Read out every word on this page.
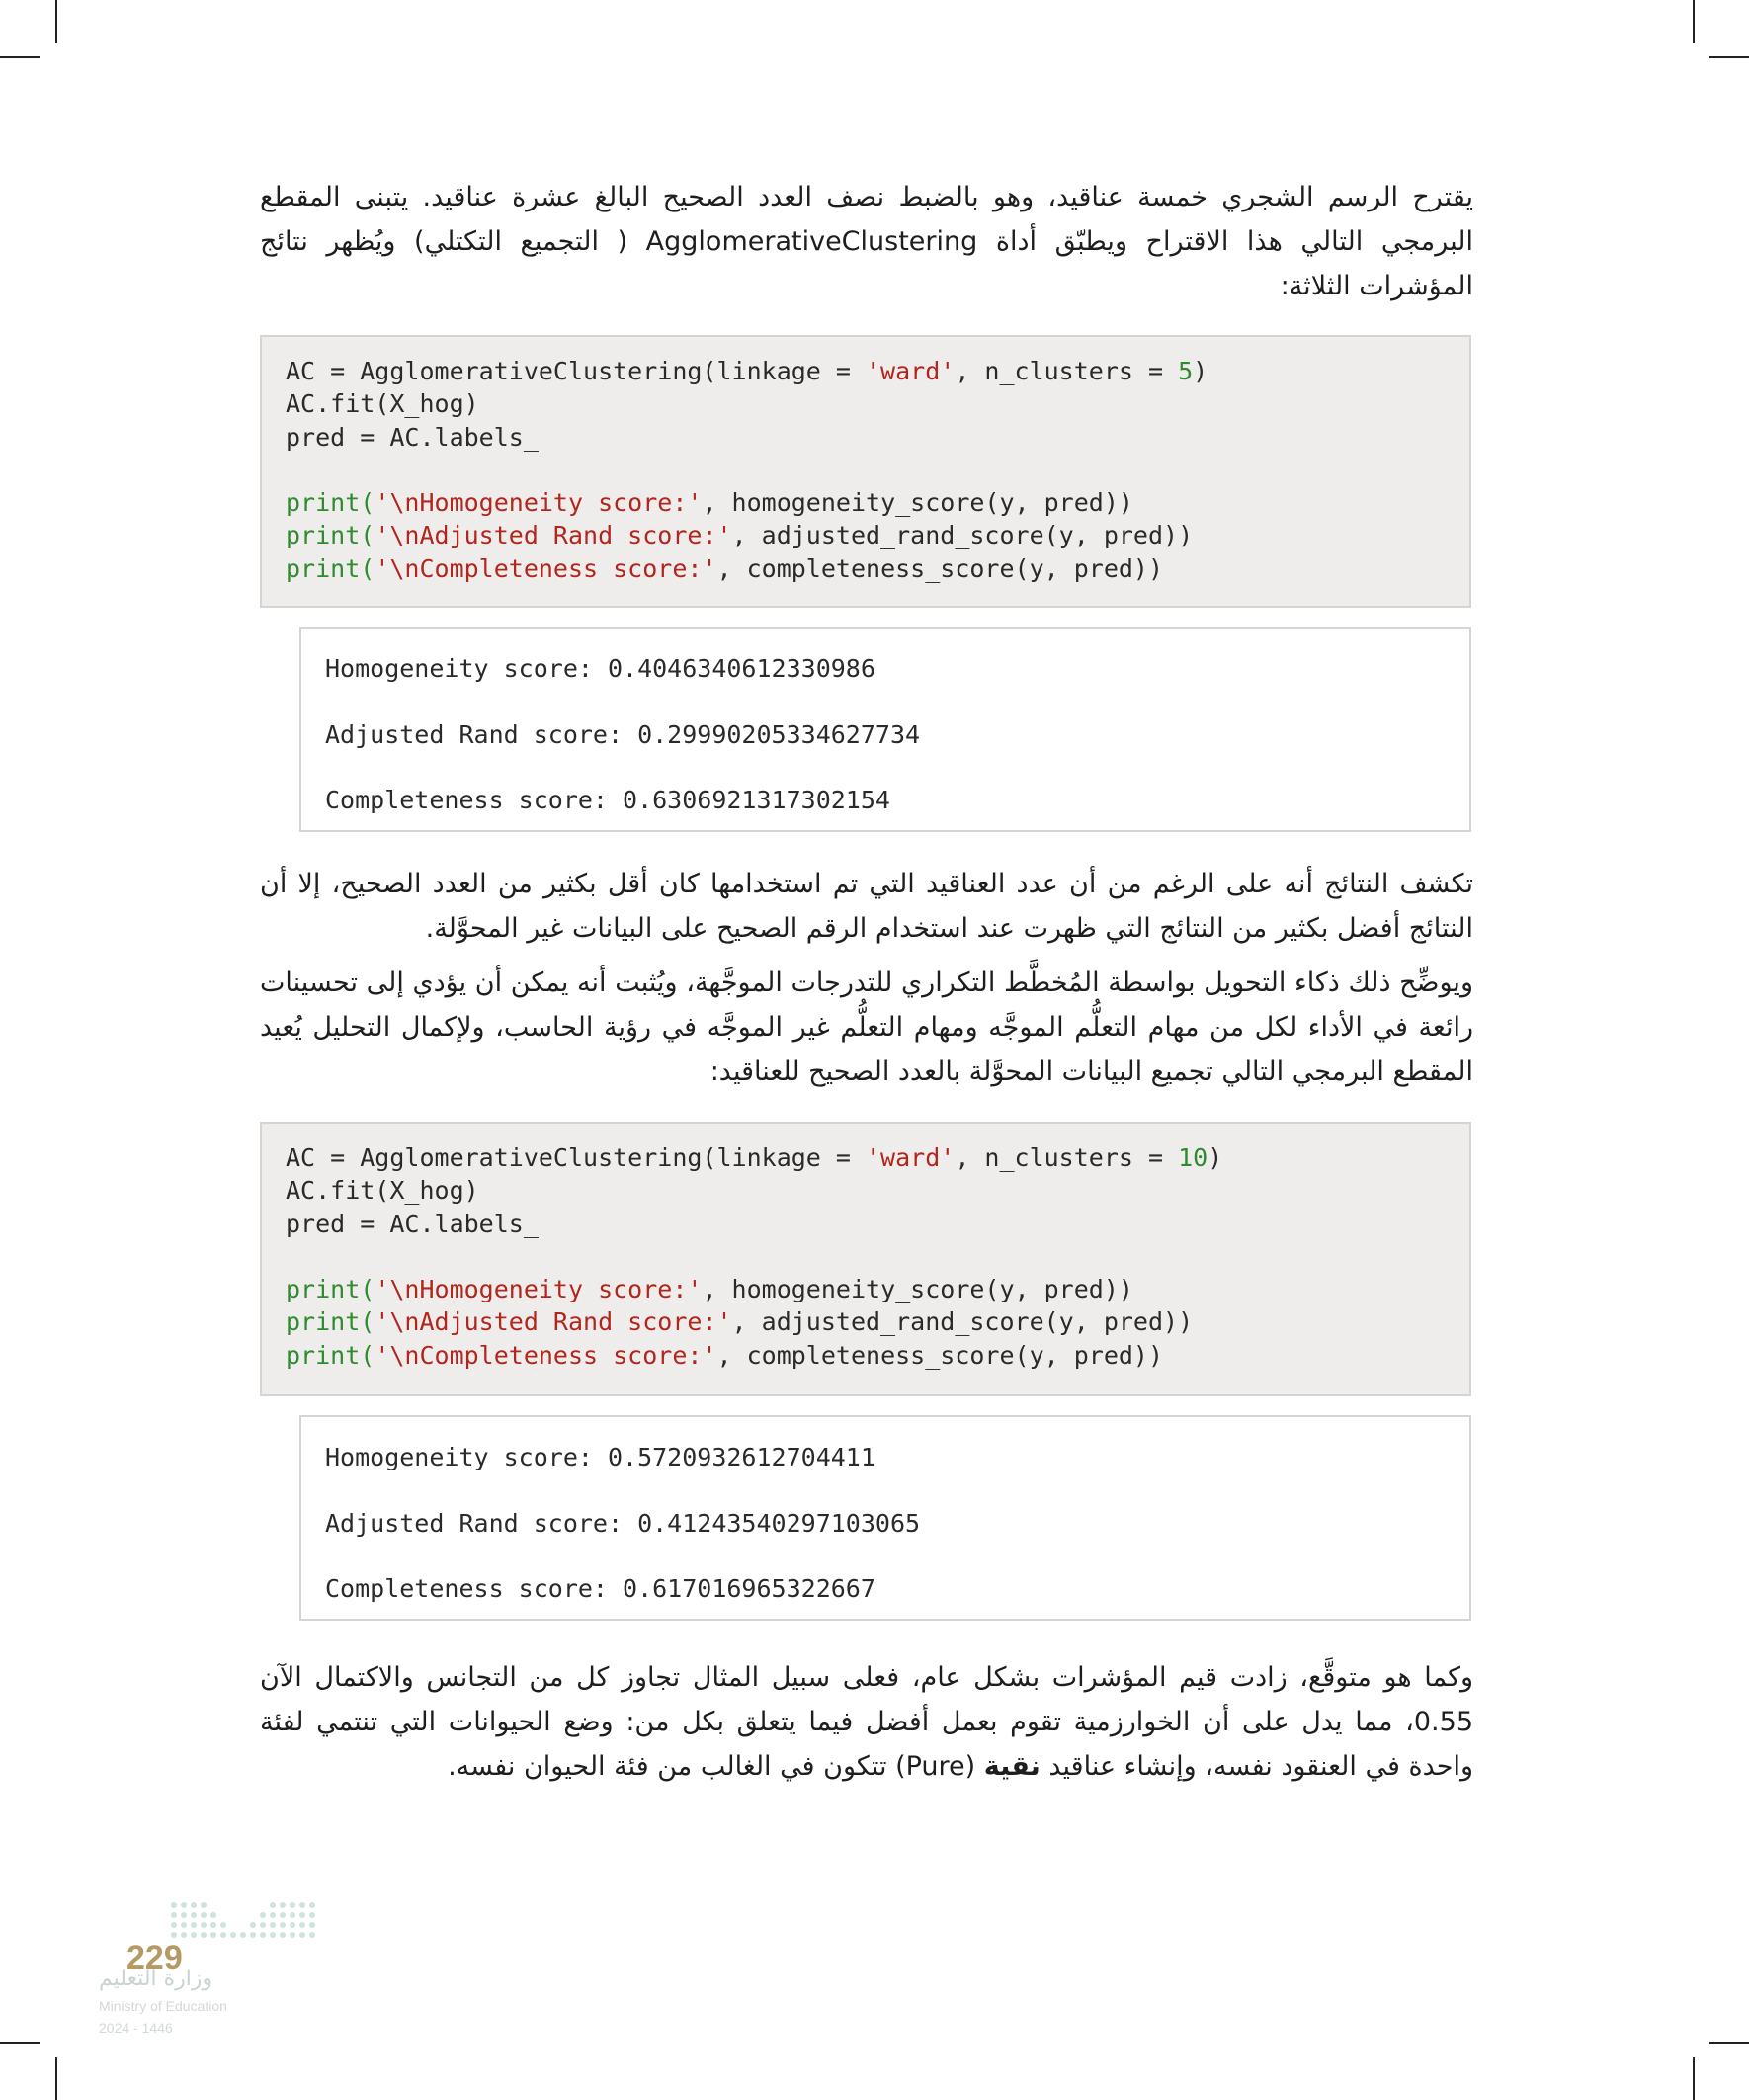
يقترح الرسم الشجري خمسة عناقيد، وهو بالضبط نصف العدد الصحيح البالغ عشرة عناقيد. يتبنى المقطع البرمجي التالي هذا الاقتراح ويطبّق أداة AgglomerativeClustering ( التجميع التكتلي) ويُظهر نتائج المؤشرات الثلاثة:
AC = AgglomerativeClustering(linkage = 'ward', n_clusters = 5)
AC.fit(X_hog)
pred = AC.labels_

print('\nHomogeneity score:', homogeneity_score(y, pred))
print('\nAdjusted Rand score:', adjusted_rand_score(y, pred))
print('\nCompleteness score:', completeness_score(y, pred))
Homogeneity score: 0.4046340612330986
Adjusted Rand score: 0.29990205334627734
Completeness score: 0.6306921317302154
تكشف النتائج أنه على الرغم من أن عدد العناقيد التي تم استخدامها كان أقل بكثير من العدد الصحيح، إلا أن النتائج أفضل بكثير من النتائج التي ظهرت عند استخدام الرقم الصحيح على البيانات غير المحوَّلة.
ويوضِّح ذلك ذكاء التحويل بواسطة المُخطَّط التكراري للتدرجات الموجَّهة، ويُثبت أنه يمكن أن يؤدي إلى تحسينات رائعة في الأداء لكل من مهام التعلُّم الموجَّه ومهام التعلُّم غير الموجَّه في رؤية الحاسب، ولإكمال التحليل يُعيد المقطع البرمجي التالي تجميع البيانات المحوَّلة بالعدد الصحيح للعناقيد:
AC = AgglomerativeClustering(linkage = 'ward', n_clusters = 10)
AC.fit(X_hog)
pred = AC.labels_

print('\nHomogeneity score:', homogeneity_score(y, pred))
print('\nAdjusted Rand score:', adjusted_rand_score(y, pred))
print('\nCompleteness score:', completeness_score(y, pred))
Homogeneity score: 0.5720932612704411
Adjusted Rand score: 0.41243540297103065
Completeness score: 0.617016965322667
وكما هو متوقَّع، زادت قيم المؤشرات بشكل عام، فعلى سبيل المثال تجاوز كل من التجانس والاكتمال الآن 0.55، مما يدل على أن الخوارزمية تقوم بعمل أفضل فيما يتعلق بكل من: وضع الحيوانات التي تنتمي لفئة واحدة في العنقود نفسه، وإنشاء عناقيد نقية (Pure) تتكون في الغالب من فئة الحيوان نفسه.
229
وزارة التعليم
Ministry of Education
2024 - 1446
